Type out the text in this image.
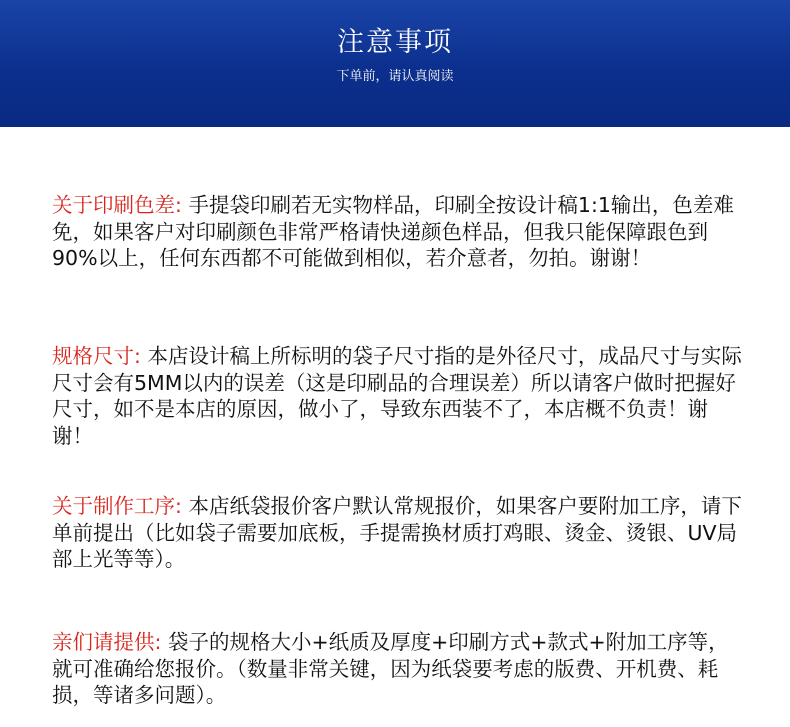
注意事项
下单前，请认真阅读
关于印刷色差: 手提袋印刷若无实物样品，印刷全按设计稿1:1输出，色差难免，如果客户对印刷颜色非常严格请快递颜色样品，但我只能保障跟色到90%以上，任何东西都不可能做到相似，若介意者，勿拍。谢谢！
规格尺寸: 本店设计稿上所标明的袋子尺寸指的是外径尺寸，成品尺寸与实际尺寸会有5MM以内的误差（这是印刷品的合理误差）所以请客户做时把握好尺寸，如不是本店的原因，做小了，导致东西装不了，本店概不负责！谢谢！
关于制作工序: 本店纸袋报价客户默认常规报价，如果客户要附加工序，请下单前提出（比如袋子需要加底板，手提需换材质打鸡眼、烫金、烫银、UV局部上光等等）。
亲们请提供: 袋子的规格大小+纸质及厚度+印刷方式+款式+附加工序等，就可准确给您报价。（数量非常关键，因为纸袋要考虑的版费、开机费、耗损，等诸多问题）。
